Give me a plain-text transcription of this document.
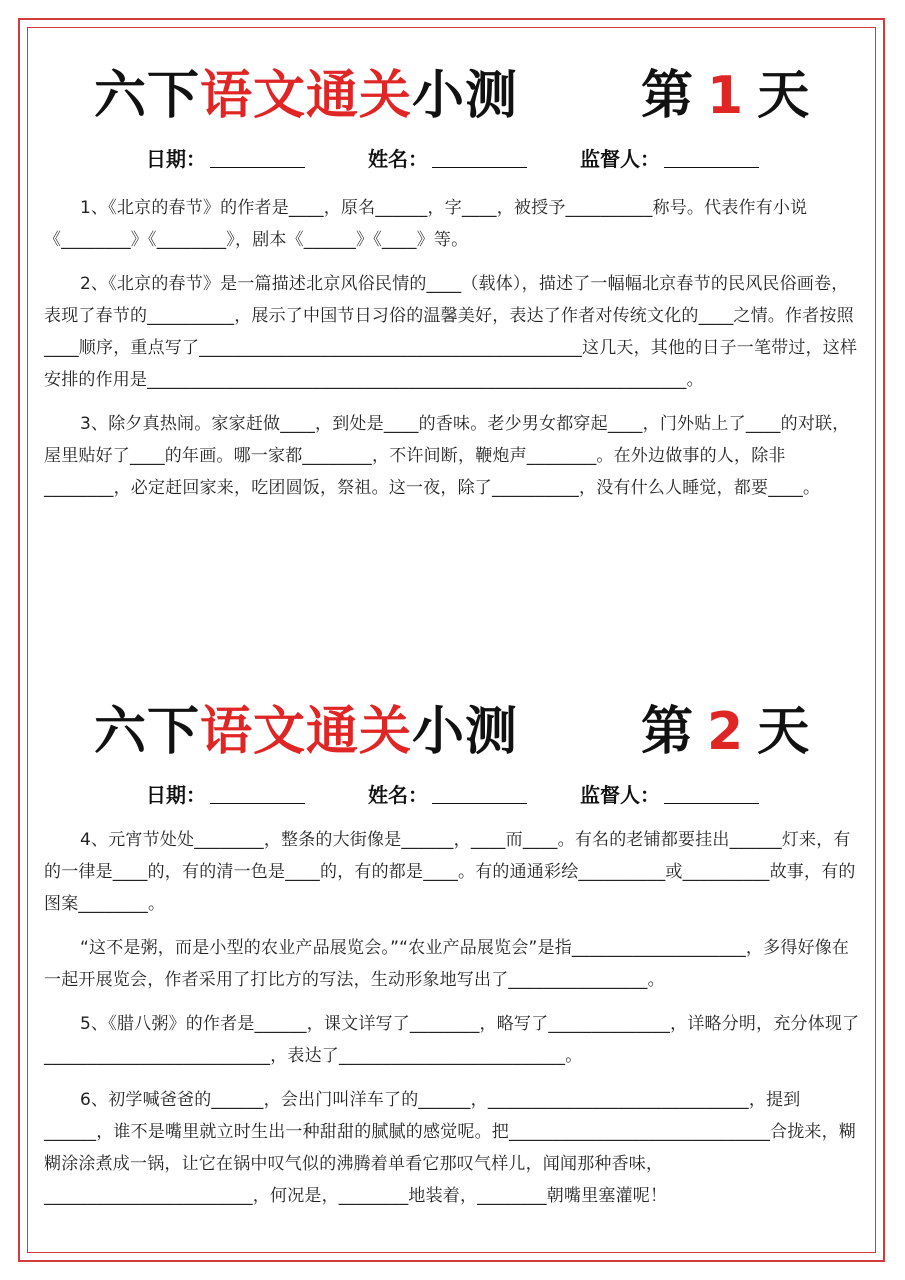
六下语文通关小测 第 1 天
日期：	姓名：	监督人：

1、《北京的春节》的作者是____，原名______，字____，被授予__________称号。代表作有小说《________》《________》，剧本《______》《____》等。

2、《北京的春节》是一篇描述北京风俗民情的____（载体），描述了一幅幅北京春节的民风民俗画卷，表现了春节的__________，展示了中国节日习俗的温馨美好，表达了作者对传统文化的____之情。作者按照____顺序，重点写了____________________________________________这几天，其他的日子一笔带过，这样安排的作用是______________________________________________________________。

3、除夕真热闹。家家赶做____，到处是____的香味。老少男女都穿起____，门外贴上了____的对联，屋里贴好了____的年画。哪一家都________，不许间断，鞭炮声________。在外边做事的人，除非________，必定赶回家来，吃团圆饭，祭祖。这一夜，除了__________，没有什么人睡觉，都要____。

六下语文通关小测 第 2 天
日期：	姓名：	监督人：

4、元宵节处处________，整条的大街像是______，____而____。有名的老铺都要挂出______灯来，有的一律是____的，有的清一色是____的，有的都是____。有的通通彩绘__________或__________故事，有的图案________。

“这不是粥，而是小型的农业产品展览会。”“农业产品展览会”是指____________________，多得好像在一起开展览会，作者采用了打比方的写法，生动形象地写出了________________。

5、《腊八粥》的作者是______，课文详写了________，略写了______________，详略分明，充分体现了__________________________，表达了__________________________。

6、初学喊爸爸的______，会出门叫洋车了的______，______________________________，提到______，谁不是嘴里就立时生出一种甜甜的腻腻的感觉呢。把______________________________合拢来，糊糊涂涂煮成一锅，让它在锅中叹气似的沸腾着单看它那叹气样儿，闻闻那种香味，________________________，何况是，________地装着，________朝嘴里塞灌呢！
